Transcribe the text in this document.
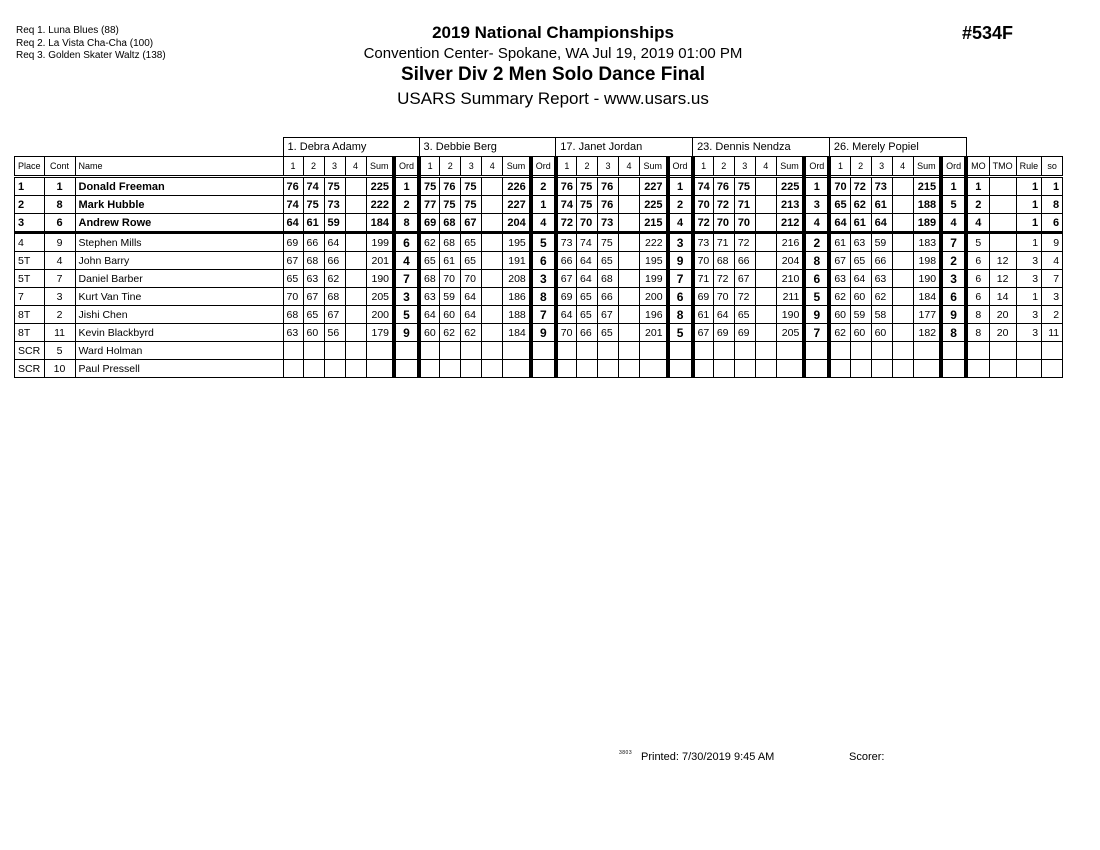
Req 1. Luna Blues (88)
Req 2. La Vista Cha-Cha (100)
Req 3. Golden Skater Waltz (138)
2019 National Championships
Convention Center- Spokane, WA Jul 19, 2019 01:00 PM
Silver Div 2 Men Solo Dance Final
USARS Summary Report - www.usars.us
#534F
			1. Debra Adamy						3. Debbie Berg						17. Janet Jordan						23. Dennis Nendza						26. Merely Popiel									
Place	Cont	Name	1	2	3	4	Sum	Ord	1	2	3	4	Sum	Ord	1	2	3	4	Sum	Ord	1	2	3	4	Sum	Ord	1	2	3	4	Sum	Ord	MO	TMO	Rule	so
1	1	Donald Freeman	76	74	75		225	1	75	76	75		226	2	76	75	76		227	1	74	76	75		225	1	70	72	73		215	1	1		1	1
2	8	Mark Hubble	74	75	73		222	2	77	75	75		227	1	74	75	76		225	2	70	72	71		213	3	65	62	61		188	5	2		1	8
3	6	Andrew Rowe	64	61	59		184	8	69	68	67		204	4	72	70	73		215	4	72	70	70		212	4	64	61	64		189	4	4		1	6
4	9	Stephen Mills	69	66	64		199	6	62	68	65		195	5	73	74	75		222	3	73	71	72		216	2	61	63	59		183	7	5		1	9
5T	4	John Barry	67	68	66		201	4	65	61	65		191	6	66	64	65		195	9	70	68	66		204	8	67	65	66		198	2	6	12	3	4
5T	7	Daniel Barber	65	63	62		190	7	68	70	70		208	3	67	64	68		199	7	71	72	67		210	6	63	64	63		190	3	6	12	3	7
7	3	Kurt Van Tine	70	67	68		205	3	63	59	64		186	8	69	65	66		200	6	69	70	72		211	5	62	60	62		184	6	6	14	1	3
8T	2	Jishi Chen	68	65	67		200	5	64	60	64		188	7	64	65	67		196	8	61	64	65		190	9	60	59	58		177	9	8	20	3	2
8T	11	Kevin Blackbyrd	63	60	56		179	9	60	62	62		184	9	70	66	65		201	5	67	69	69		205	7	62	60	60		182	8	8	20	3	11
SCR	5	Ward Holman																																		
SCR	10	Paul Pressell																																		
3803 Printed: 7/30/2019 9:45 AM	Scorer:
